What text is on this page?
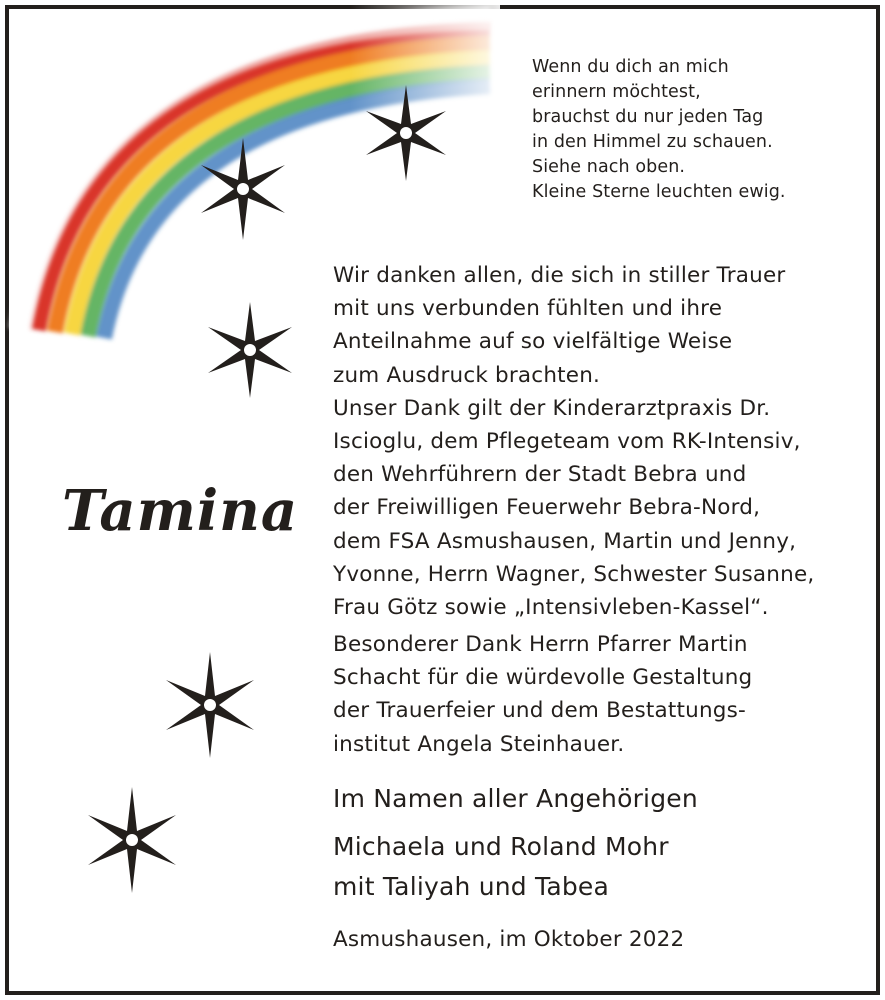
Wenn du dich an mich
erinnern möchtest,
brauchst du nur jeden Tag
in den Himmel zu schauen.
Siehe nach oben.
Kleine Sterne leuchten ewig.
Tamina
Wir danken allen, die sich in stiller Trauer
mit uns verbunden fühlten und ihre
Anteilnahme auf so vielfältige Weise
zum Ausdruck brachten.
Unser Dank gilt der Kinderarztpraxis Dr.
Iscioglu, dem Pflegeteam vom RK-Intensiv,
den Wehrführern der Stadt Bebra und
der Freiwilligen Feuerwehr Bebra-Nord,
dem FSA Asmushausen, Martin und Jenny,
Yvonne, Herrn Wagner, Schwester Susanne,
Frau Götz sowie „Intensivleben-Kassel“.
Besonderer Dank Herrn Pfarrer Martin
Schacht für die würdevolle Gestaltung
der Trauerfeier und dem Bestattungs-
institut Angela Steinhauer.
Im Namen aller Angehörigen
Michaela und Roland Mohr
mit Taliyah und Tabea
Asmushausen, im Oktober 2022
